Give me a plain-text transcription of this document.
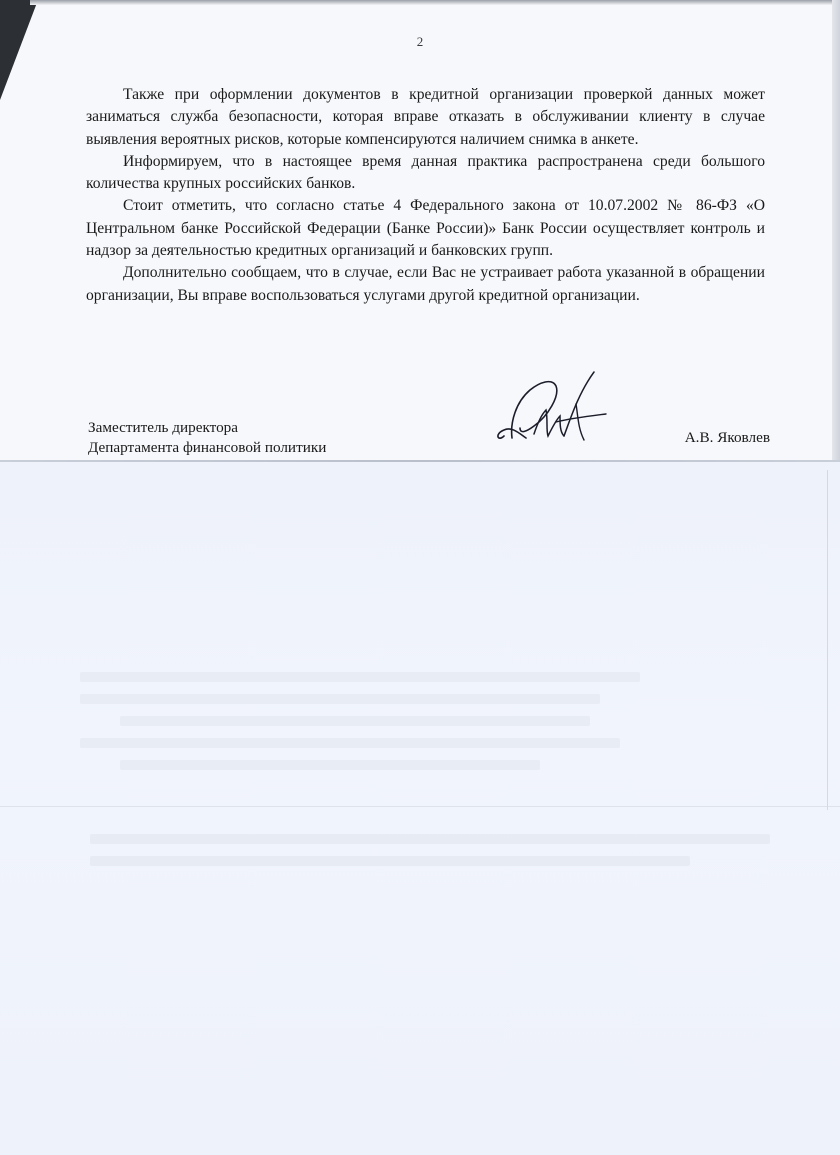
2

Также при оформлении документов в кредитной организации проверкой данных может заниматься служба безопасности, которая вправе отказать в обслуживании клиенту в случае выявления вероятных рисков, которые компенсируются наличием снимка в анкете.

Информируем, что в настоящее время данная практика распространена среди большого количества крупных российских банков.

Стоит отметить, что согласно статье 4 Федерального закона от 10.07.2002 № 86-ФЗ «О Центральном банке Российской Федерации (Банке России)» Банк России осуществляет контроль и надзор за деятельностью кредитных организаций и банковских групп.

Дополнительно сообщаем, что в случае, если Вас не устраивает работа указанной в обращении организации, Вы вправе воспользоваться услугами другой кредитной организации.

Заместитель директора
Департамента финансовой политики
А.В. Яковлев
